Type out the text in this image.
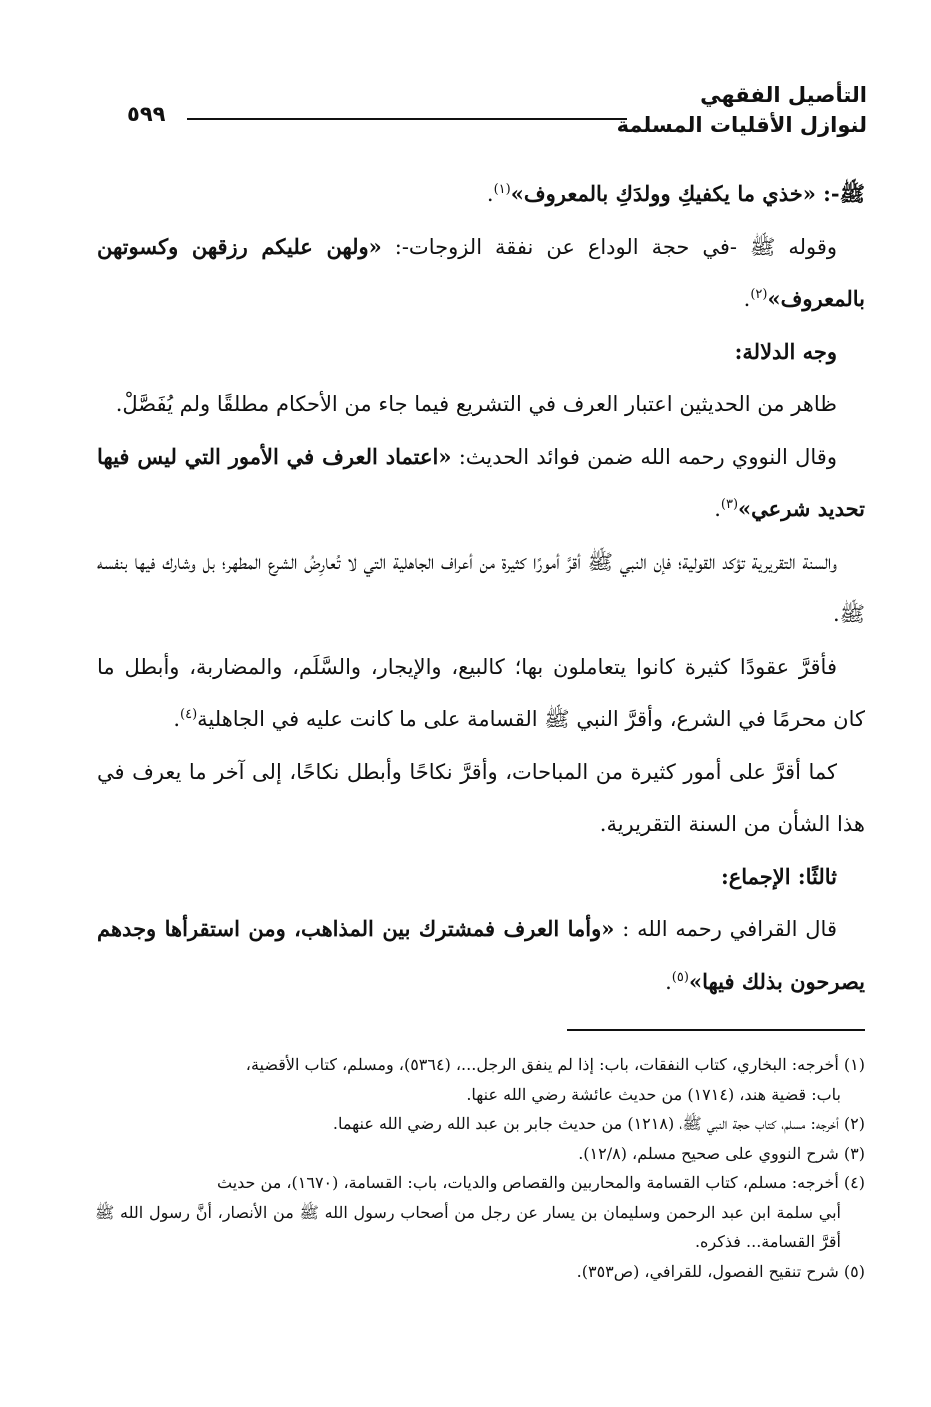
التأصيل الفقهي
لنوازل الأقليات المسلمة
٥٩٩

ﷺ-: «خذي ما يكفيكِ وولدَكِ بالمعروف»$^{(١)}$.

وقوله ﷺ -في حجة الوداع عن نفقة الزوجات-: «ولهن عليكم رزقهن وكسوتهن بالمعروف»$^{(٢)}$.

وجه الدلالة:

ظاهر من الحديثين اعتبار العرف في التشريع فيما جاء من الأحكام مطلقًا ولم يُفَصَّلْ.

وقال النووي رحمه الله ضمن فوائد الحديث: «اعتماد العرف في الأمور التي ليس فيها تحديد شرعي»$^{(٣)}$.

والسنة التقريرية تؤكد القولية؛ فإن النبي ﷺ أقرَّ أمورًا كثيرة من أعراف الجاهلية التي لا تُعارِضُ الشرع المطهر؛ بل وشارك فيها بنفسه ﷺ.

فأقرَّ عقودًا كثيرة كانوا يتعاملون بها؛ كالبيع، والإيجار، والسَّلَم، والمضاربة، وأبطل ما كان محرمًا في الشرع، وأقرَّ النبي ﷺ القسامة على ما كانت عليه في الجاهلية$^{(٤)}$.

كما أقرَّ على أمور كثيرة من المباحات، وأقرَّ نكاحًا وأبطل نكاحًا، إلى آخر ما يعرف في هذا الشأن من السنة التقريرية.

ثالثًا: الإجماع:

قال القرافي رحمه الله : «وأما العرف فمشترك بين المذاهب، ومن استقرأها وجدهم يصرحون بذلك فيها»$^{(٥)}$.

(١) أخرجه: البخاري، كتاب النفقات، باب: إذا لم ينفق الرجل...، (٥٣٦٤)، ومسلم، كتاب الأقضية،

باب: قضية هند، (١٧١٤) من حديث عائشة رضي الله عنها.

(٢) أخرجه: مسلم، كتاب حجة النبي ﷺ، (١٢١٨) من حديث جابر بن عبد الله رضي الله عنهما.

(٣) شرح النووي على صحيح مسلم، (١٢/٨).

(٤) أخرجه: مسلم، كتاب القسامة والمحاربين والقصاص والديات، باب: القسامة، (١٦٧٠)، من حديث

أبي سلمة ابن عبد الرحمن وسليمان بن يسار عن رجل من أصحاب رسول الله ﷺ من الأنصار، أنَّ رسول الله ﷺ أقرَّ القسامة... فذكره.

(٥) شرح تنقيح الفصول، للقرافي، (ص٣٥٣).
